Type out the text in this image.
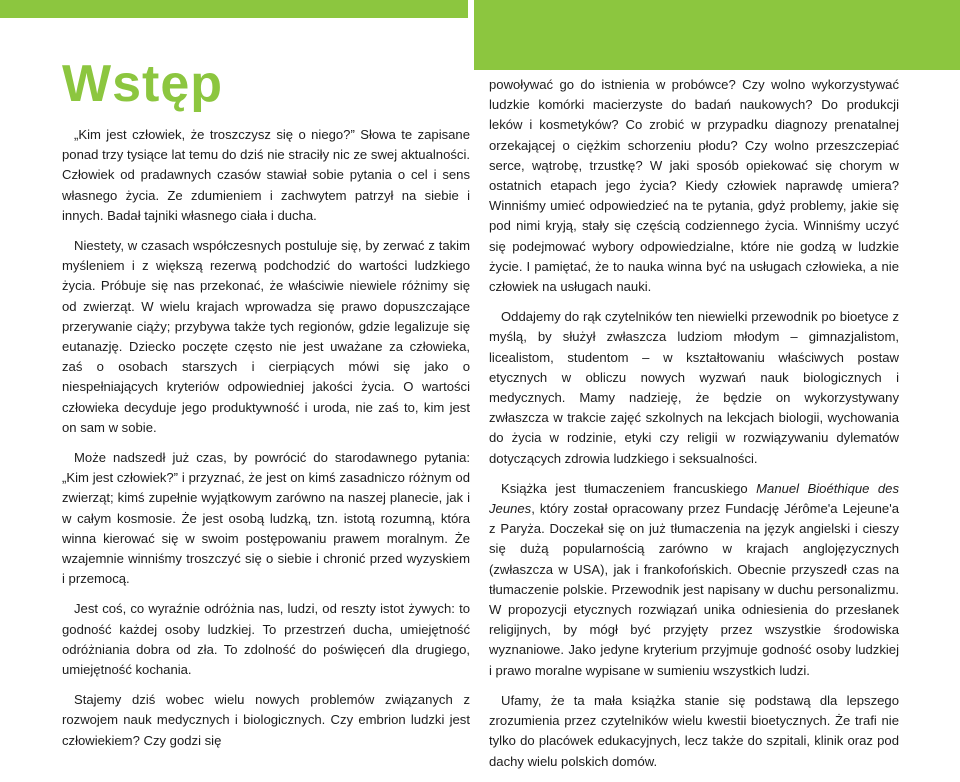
Wstęp

„Kim jest człowiek, że troszczysz się o niego?” Słowa te zapisane ponad trzy tysiące lat temu do dziś nie straciły nic ze swej aktualności. Człowiek od pradawnych czasów stawiał sobie pytania o cel i sens własnego życia. Ze zdumieniem i zachwytem patrzył na siebie i innych. Badał tajniki własnego ciała i ducha.

Niestety, w czasach współczesnych postuluje się, by zerwać z takim myśleniem i z większą rezerwą podchodzić do wartości ludzkiego życia. Próbuje się nas przekonać, że właściwie niewiele różnimy się od zwierząt. W wielu krajach wprowadza się prawo dopuszczające przerywanie ciąży; przybywa także tych regionów, gdzie legalizuje się eutanazję. Dziecko poczęte często nie jest uważane za człowieka, zaś o osobach starszych i cierpiących mówi się jako o niespełniających kryteriów odpowiedniej jakości życia. O wartości człowieka decyduje jego produktywność i uroda, nie zaś to, kim jest on sam w sobie.

Może nadszedł już czas, by powrócić do starodawnego pytania: „Kim jest człowiek?” i przyznać, że jest on kimś zasadniczo różnym od zwierząt; kimś zupełnie wyjątkowym zarówno na naszej planecie, jak i w całym kosmosie. Że jest osobą ludzką, tzn. istotą rozumną, która winna kierować się w swoim postępowaniu prawem moralnym. Że wzajemnie winniśmy troszczyć się o siebie i chronić przed wyzyskiem i przemocą.

Jest coś, co wyraźnie odróżnia nas, ludzi, od reszty istot żywych: to godność każdej osoby ludzkiej. To przestrzeń ducha, umiejętność odróżniania dobra od zła. To zdolność do poświęceń dla drugiego, umiejętność kochania.

Stajemy dziś wobec wielu nowych problemów związanych z rozwojem nauk medycznych i biologicznych. Czy embrion ludzki jest człowiekiem? Czy godzi się

powoływać go do istnienia w probówce? Czy wolno wykorzystywać ludzkie komórki macierzyste do badań naukowych? Do produkcji leków i kosmetyków? Co zrobić w przypadku diagnozy prenatalnej orzekającej o ciężkim schorzeniu płodu? Czy wolno przeszczepiać serce, wątrobę, trzustkę? W jaki sposób opiekować się chorym w ostatnich etapach jego życia? Kiedy człowiek naprawdę umiera? Winniśmy umieć odpowiedzieć na te pytania, gdyż problemy, jakie się pod nimi kryją, stały się częścią codziennego życia. Winniśmy uczyć się podejmować wybory odpowiedzialne, które nie godzą w ludzkie życie. I pamiętać, że to nauka winna być na usługach człowieka, a nie człowiek na usługach nauki.

Oddajemy do rąk czytelników ten niewielki przewodnik po bioetyce z myślą, by służył zwłaszcza ludziom młodym – gimnazjalistom, licealistom, studentom – w kształtowaniu właściwych postaw etycznych w obliczu nowych wyzwań nauk biologicznych i medycznych. Mamy nadzieję, że będzie on wykorzystywany zwłaszcza w trakcie zajęć szkolnych na lekcjach biologii, wychowania do życia w rodzinie, etyki czy religii w rozwiązywaniu dylematów dotyczących zdrowia ludzkiego i seksualności.

Książka jest tłumaczeniem francuskiego Manuel Bioéthique des Jeunes, który został opracowany przez Fundację Jérôme'a Lejeune'a z Paryża. Doczekał się on już tłumaczenia na język angielski i cieszy się dużą popularnością zarówno w krajach anglojęzycznych (zwłaszcza w USA), jak i frankofońskich. Obecnie przyszedł czas na tłumaczenie polskie. Przewodnik jest napisany w duchu personalizmu. W propozycji etycznych rozwiązań unika odniesienia do przesłanek religijnych, by mógł być przyjęty przez wszystkie środowiska wyznaniowe. Jako jedyne kryterium przyjmuje godność osoby ludzkiej i prawo moralne wypisane w sumieniu wszystkich ludzi.

Ufamy, że ta mała książka stanie się podstawą dla lepszego zrozumienia przez czytelników wielu kwestii bioetycznych. Że trafi nie tylko do placówek edukacyjnych, lecz także do szpitali, klinik oraz pod dachy wielu polskich domów.
